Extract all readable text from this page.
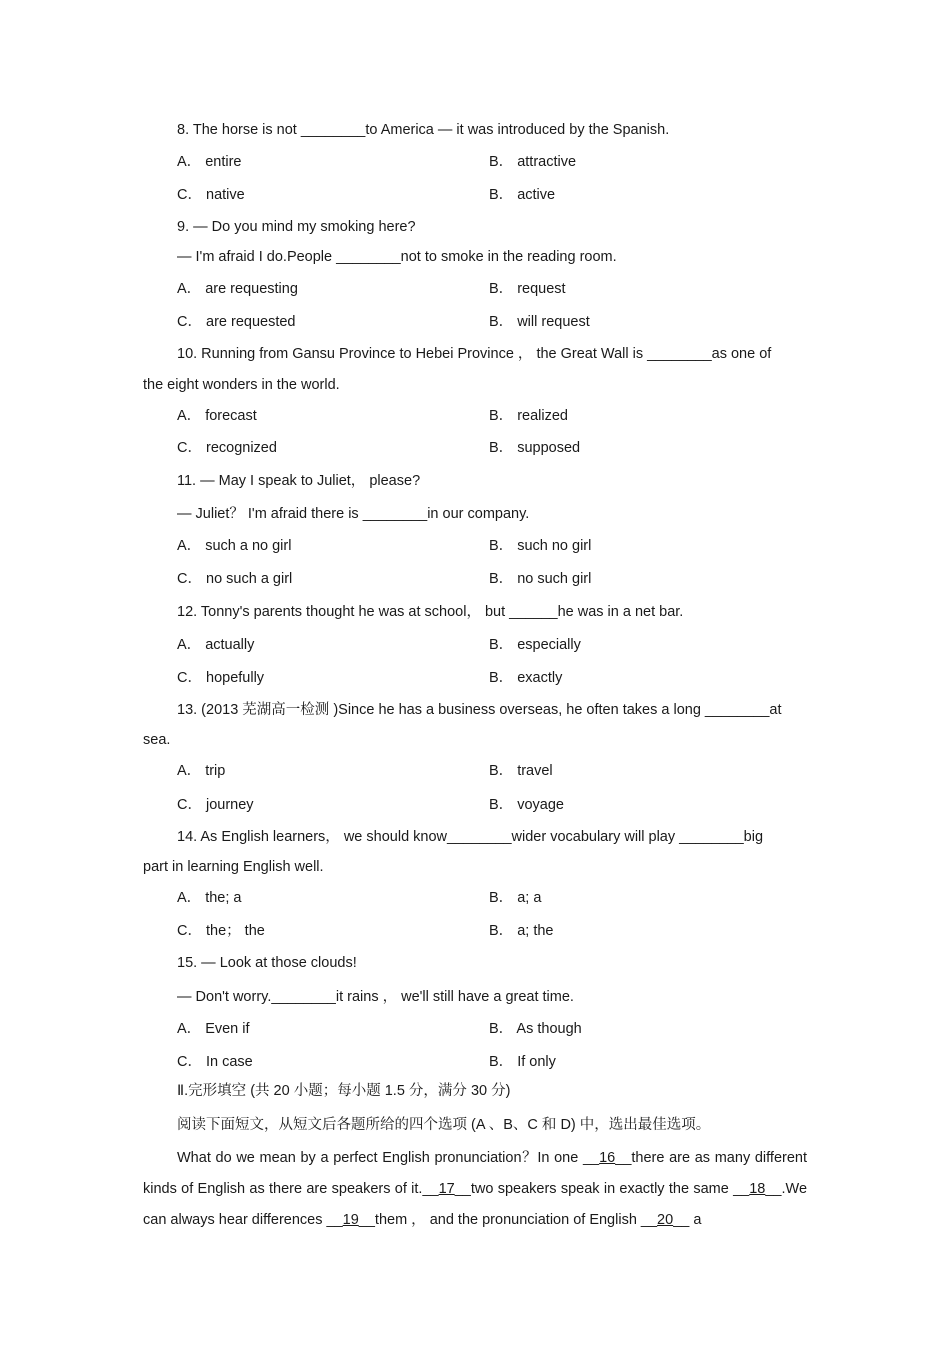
8. The horse is not ________to America — it was introduced by the Spanish.
A． entire	B． attractive
C． native	B． active
9. — Do you mind my smoking here?
— I'm afraid I do.People ________not to smoke in the reading room.
A． are requesting	B． request
C． are requested	B． will request
10. Running from Gansu Province to Hebei Province ， the Great Wall is ________as one of
the eight wonders in the world.
A． forecast	B． realized
C． recognized	B． supposed
11. — May I speak to Juliet， please?
— Juliet？ I'm afraid there is ________in our company.
A． such a no girl	B． such no girl
C． no such a girl	B． no such girl
12. Tonny's parents thought he was at school， but ______he was in a net bar.
A． actually	B． especially
C． hopefully	B． exactly
13. (2013 芜湖高一检测 )Since he has a business overseas, he often takes a long ________at
sea.
A． trip	B． travel
C． journey	B． voyage
14. As English learners， we should know________wider vocabulary will play ________big
part in learning English well.
A． the; a	B． a; a
C． the； the	B． a; the
15. — Look at those clouds!
— Don't worry.________it rains ， we'll still have a great time.
A． Even if	B． As though
C． In case	B． If only
Ⅱ.完形填空 (共 20 小题；每小题 1.5 分，满分 30 分)
阅读下面短文，从短文后各题所给的四个选项 (A 、B、C 和 D) 中，选出最佳选项。
What do we mean by a perfect English pronunciation？In one __16__there are as many different kinds of English as there are speakers of it.__17__two speakers speak in exactly the same __18__.We can always hear differences __19__them ， and the pronunciation of English __20__ a
